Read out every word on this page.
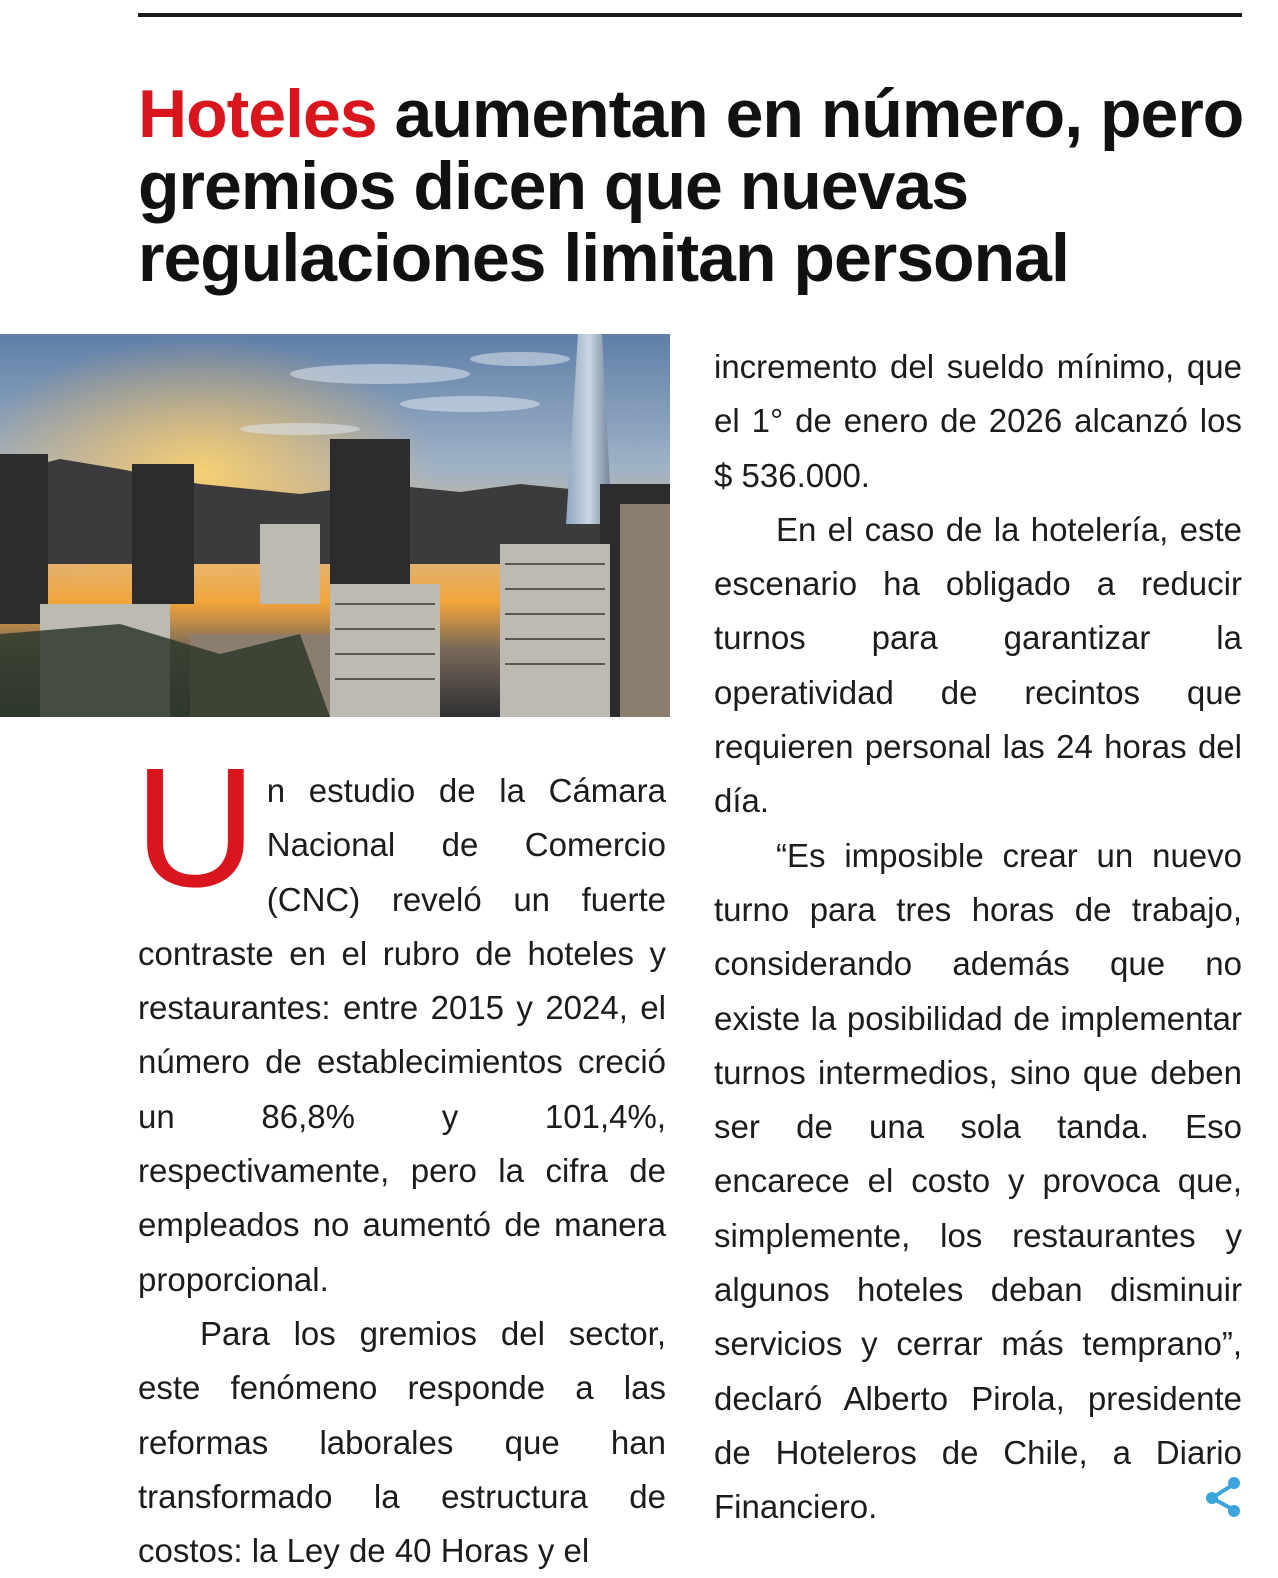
Hoteles aumentan en número, pero gremios dicen que nuevas regulaciones limitan personal

Un estudio de la Cámara Nacional de Comercio (CNC) reveló un fuerte contraste en el rubro de hoteles y restaurantes: entre 2015 y 2024, el número de establecimientos creció un 86,8% y 101,4%, respectivamente, pero la cifra de empleados no aumentó de manera proporcional.

Para los gremios del sector, este fenómeno responde a las reformas laborales que han transformado la estructura de costos: la Ley de 40 Horas y el

incremento del sueldo mínimo, que el 1° de enero de 2026 alcanzó los $ 536.000.

En el caso de la hotelería, este escenario ha obligado a reducir turnos para garantizar la operatividad de recintos que requieren personal las 24 horas del día.

“Es imposible crear un nuevo turno para tres horas de trabajo, considerando además que no existe la posibilidad de implementar turnos intermedios, sino que deben ser de una sola tanda. Eso encarece el costo y provoca que, simplemente, los restaurantes y algunos hoteles deban disminuir servicios y cerrar más temprano”, declaró Alberto Pirola, presidente de Hoteleros de Chile, a Diario Financiero.
